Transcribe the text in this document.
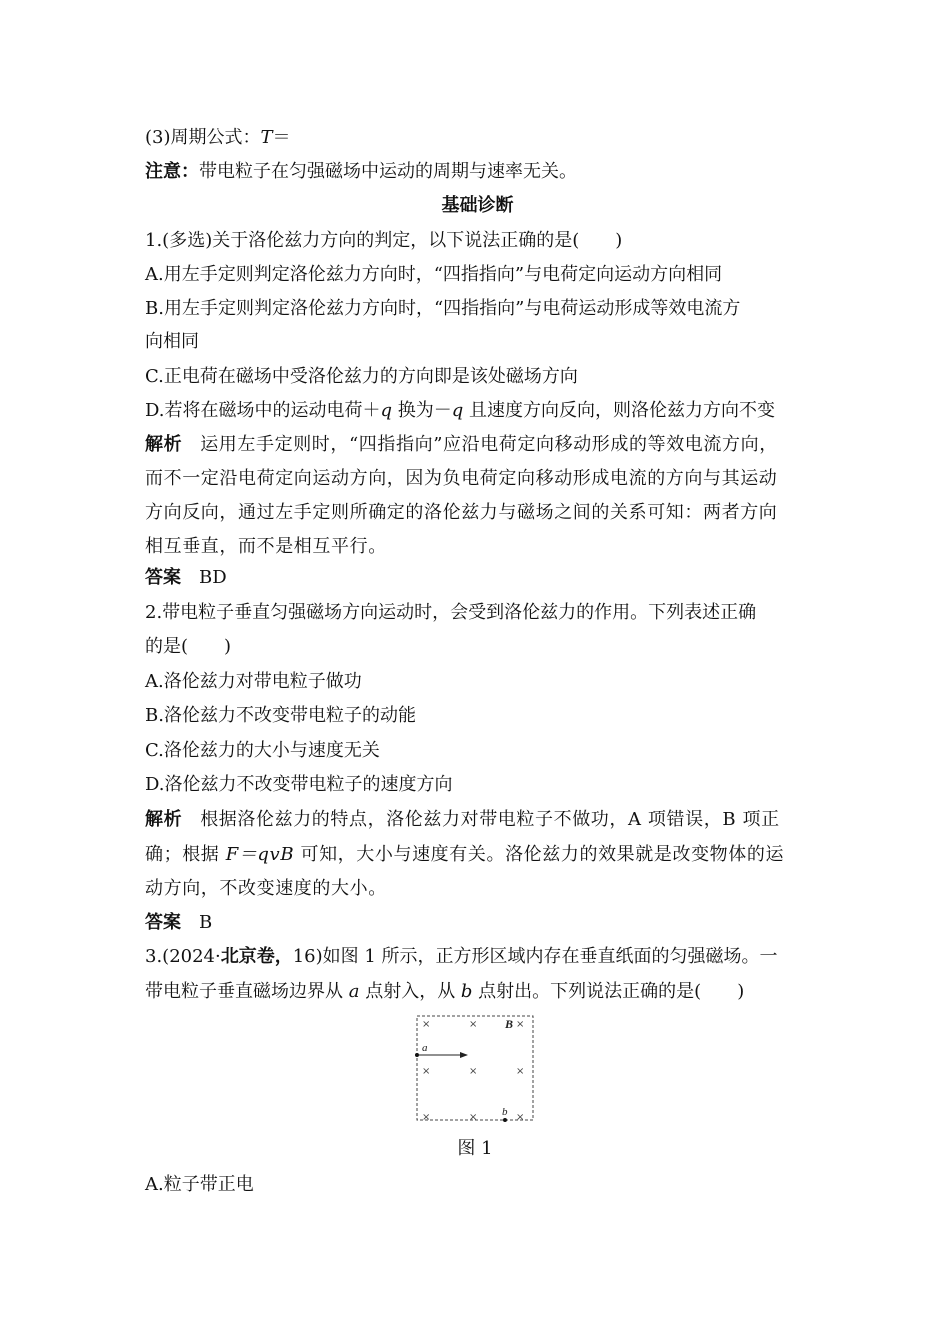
(3)周期公式：T＝
注意：带电粒子在匀强磁场中运动的周期与速率无关。
基础诊断
1.(多选)关于洛伦兹力方向的判定，以下说法正确的是(　　)
A.用左手定则判定洛伦兹力方向时，“四指指向”与电荷定向运动方向相同
B.用左手定则判定洛伦兹力方向时，“四指指向”与电荷运动形成等效电流方
向相同
C.正电荷在磁场中受洛伦兹力的方向即是该处磁场方向
D.若将在磁场中的运动电荷＋q 换为－q 且速度方向反向，则洛伦兹力方向不变
解析 运用左手定则时，“四指指向”应沿电荷定向移动形成的等效电流方向，
而不一定沿电荷定向运动方向，因为负电荷定向移动形成电流的方向与其运动
方向反向，通过左手定则所确定的洛伦兹力与磁场之间的关系可知：两者方向
相互垂直，而不是相互平行。
答案 BD
2.带电粒子垂直匀强磁场方向运动时，会受到洛伦兹力的作用。下列表述正确
的是(　　)
A.洛伦兹力对带电粒子做功
B.洛伦兹力不改变带电粒子的动能
C.洛伦兹力的大小与速度无关
D.洛伦兹力不改变带电粒子的速度方向
解析 根据洛伦兹力的特点，洛伦兹力对带电粒子不做功，A 项错误，B 项正
确；根据 F＝qvB 可知，大小与速度有关。洛伦兹力的效果就是改变物体的运
动方向，不改变速度的大小。
答案 B
3.(2024·北京卷，16)如图 1 所示，正方形区域内存在垂直纸面的匀强磁场。一
带电粒子垂直磁场边界从 a 点射入，从 b 点射出。下列说法正确的是(　　)
A.粒子带正电
×	×	×
×	×	×
×	×	×
B
a
b
图 1
